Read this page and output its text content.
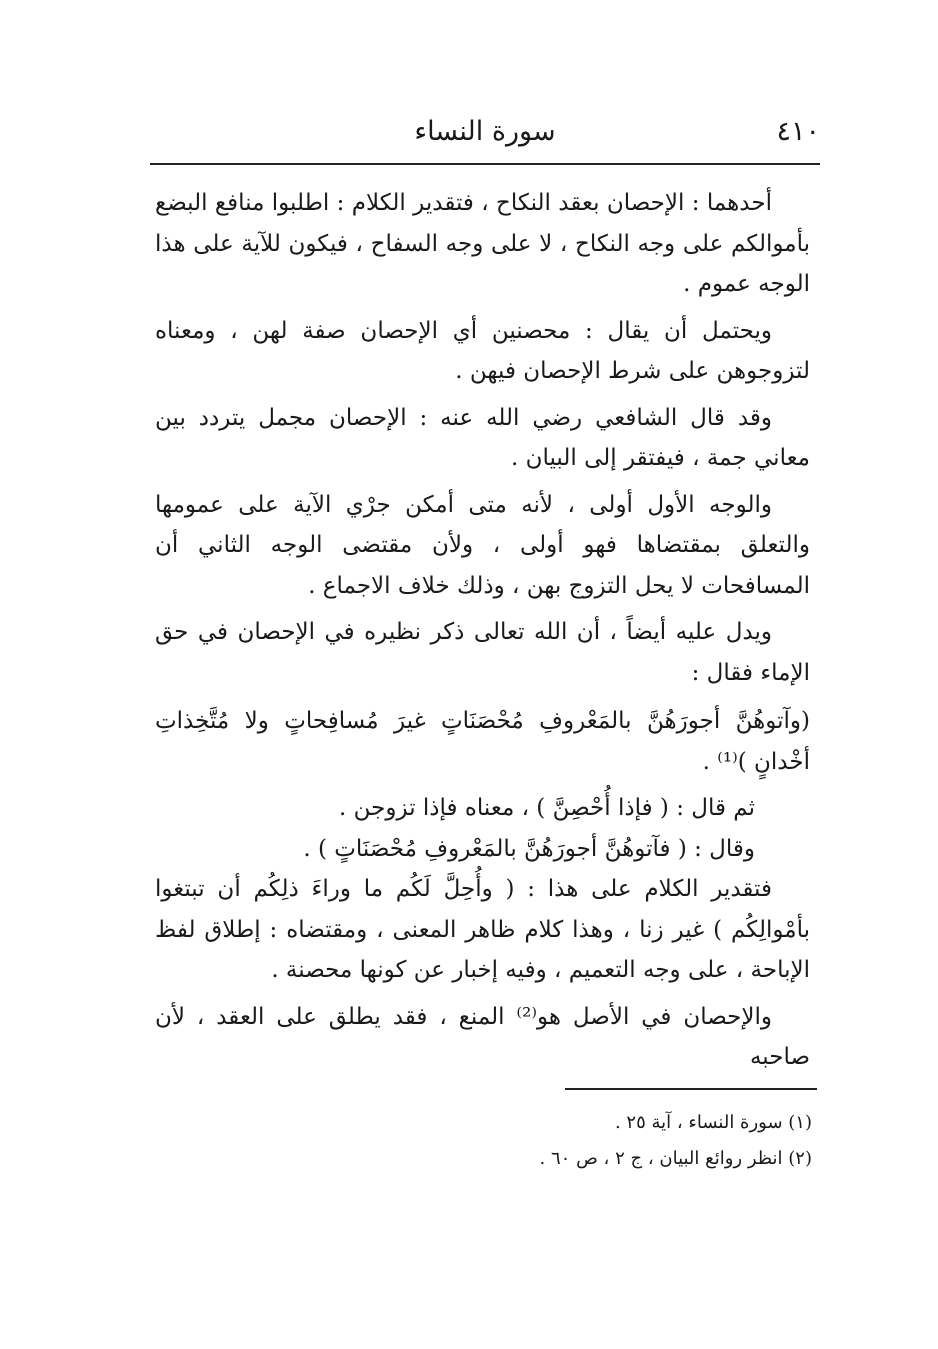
٤١٠
سورة النساء

أحدهما : الإحصان بعقد النكاح ، فتقدير الكلام : اطلبوا منافع البضع بأموالكم على وجه النكاح ، لا على وجه السفاح ، فيكون للآية على هذا الوجه عموم .

ويحتمل أن يقال : محصنين أي الإحصان صفة لهن ، ومعناه لتزوجوهن على شرط الإحصان فيهن .

وقد قال الشافعي رضي الله عنه : الإحصان مجمل يتردد بين معاني جمة ، فيفتقر إلى البيان .

والوجه الأول أولى ، لأنه متى أمكن جرْي الآية على عمومها والتعلق بمقتضاها فهو أولى ، ولأن مقتضى الوجه الثاني أن المسافحات لا يحل التزوج بهن ، وذلك خلاف الاجماع .

ويدل عليه أيضاً ، أن الله تعالى ذكر نظيره في الإحصان في حق الإماء فقال :

(وآتوهُنَّ أجورَهُنَّ بالمَعْروفِ مُحْصَنَاتٍ غيرَ مُسافِحاتٍ ولا مُتَّخِذاتِ أخْدانٍ )⁽¹⁾ .

ثم قال : ( فإذا أُحْصِنَّ ) ، معناه فإذا تزوجن .

وقال : ( فآتوهُنَّ أجورَهُنَّ بالمَعْروفِ مُحْصَنَاتٍ ) .

فتقدير الكلام على هذا : ( وأُحِلَّ لَكُم ما وراءَ ذلِكُم أن تبتغوا بأمْوالِكُم ) غير زنا ، وهذا كلام ظاهر المعنى ، ومقتضاه : إطلاق لفظ الإباحة ، على وجه التعميم ، وفيه إخبار عن كونها محصنة .

والإحصان في الأصل هو⁽²⁾ المنع ، فقد يطلق على العقد ، لأن صاحبه

(١) سورة النساء ، آية ٢٥ .

(٢) انظر روائع البيان ، ج ٢ ، ص ٦٠ .
